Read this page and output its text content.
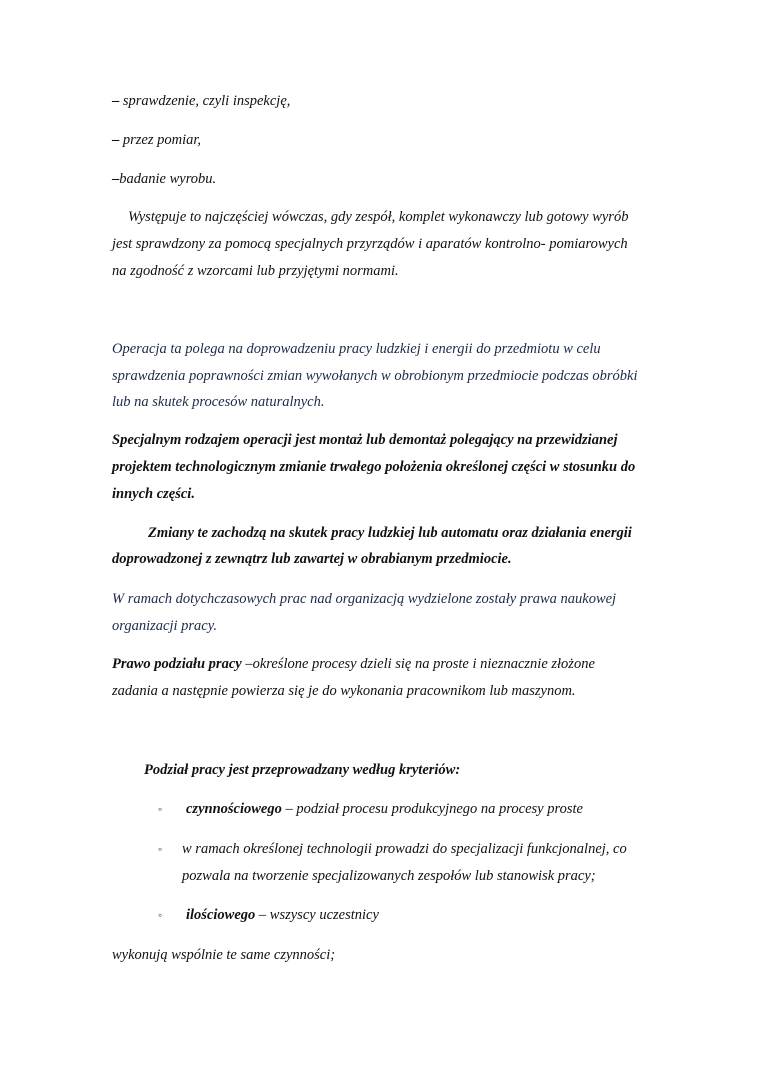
– sprawdzenie, czyli inspekcję,
– przez pomiar,
–badanie wyrobu.
Występuje to najczęściej wówczas, gdy zespół, komplet wykonawczy lub gotowy wyrób
jest sprawdzony za pomocą specjalnych przyrządów i aparatów kontrolno- pomiarowych
na zgodność z wzorcami lub przyjętymi normami.
Operacja ta polega na doprowadzeniu pracy ludzkiej i energii do przedmiotu w celu
sprawdzenia poprawności zmian wywołanych w obrobionym przedmiocie podczas obróbki
lub na skutek procesów naturalnych.
Specjalnym rodzajem operacji jest montaż lub demontaż polegający na przewidzianej
projektem technologicznym zmianie trwałego położenia określonej części w stosunku do
innych części.
Zmiany te zachodzą na skutek pracy ludzkiej lub automatu oraz działania energii
doprowadzonej z zewnątrz lub zawartej w obrabianym przedmiocie.
W ramach dotychczasowych prac nad organizacją wydzielone zostały prawa naukowej
organizacji pracy.
Prawo podziału pracy –określone procesy dzieli się na proste i nieznacznie złożone
zadania a następnie powierza się je do wykonania pracownikom lub maszynom.
Podział pracy jest przeprowadzany według kryteriów:
◦ czynnościowego – podział procesu produkcyjnego na procesy proste
◦ w ramach określonej technologii prowadzi do specjalizacji funkcjonalnej, co
pozwala na tworzenie specjalizowanych zespołów lub stanowisk pracy;
◦ ilościowego – wszyscy uczestnicy
wykonują wspólnie te same czynności;
